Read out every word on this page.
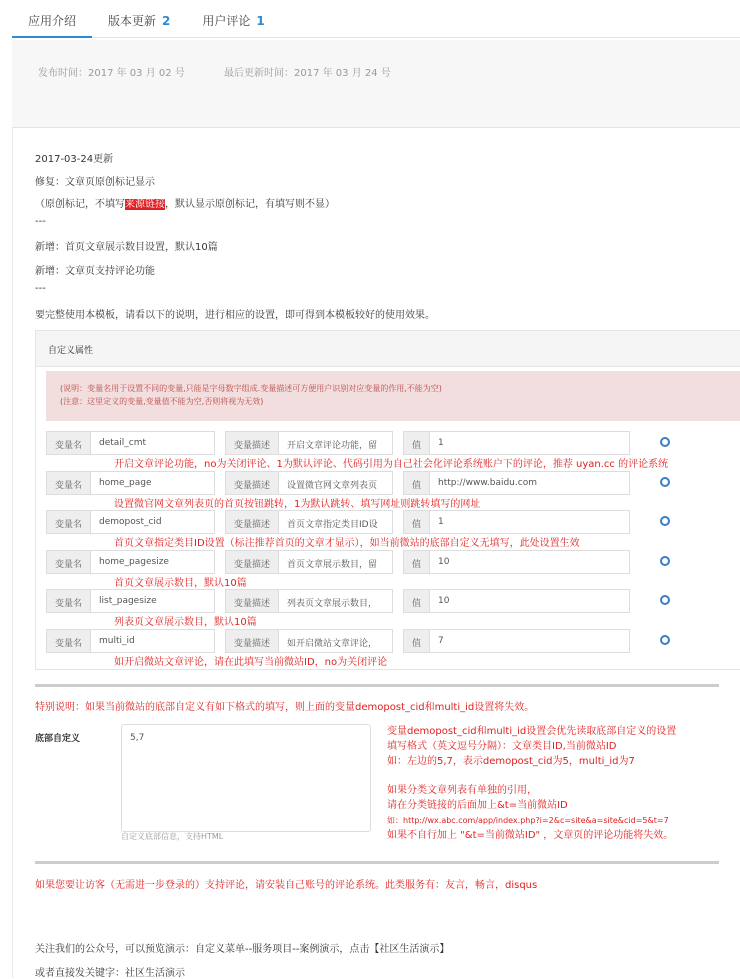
应用介绍	版本更新 2	用户评论 1
发布时间：2017 年 03 月 02 号	最后更新时间：2017 年 03 月 24 号
2017-03-24更新
修复：文章页原创标记显示
（原创标记，不填写来源链接，默认显示原创标记，有填写则不显）
---
新增：首页文章展示数目设置，默认10篇
新增：文章页支持评论功能
---
要完整使用本模板，请看以下的说明，进行相应的设置，即可得到本模板较好的使用效果。
自定义属性
(说明：变量名用于设置不同的变量,只能是字母数字组成.变量描述可方便用户识别对应变量的作用,不能为空)
(注意：这里定义的变量,变量值不能为空,否则将视为无效)
变量名	detail_cmt	变量描述	开启文章评论功能，留	值	1
开启文章评论功能，no为关闭评论、1为默认评论、代码引用为自己社会化评论系统账户下的评论，推荐 uyan.cc 的评论系统
变量名	home_page	变量描述	设置微官网文章列表页	值	http://www.baidu.com
设置微官网文章列表页的首页按钮跳转，1为默认跳转、填写网址则跳转填写的网址
变量名	demopost_cid	变量描述	首页文章指定类目ID设	值	1
首页文章指定类目ID设置（标注推荐首页的文章才显示），如当前微站的底部自定义无填写，此处设置生效
变量名	home_pagesize	变量描述	首页文章展示数目，留	值	10
首页文章展示数目，默认10篇
变量名	list_pagesize	变量描述	列表页文章展示数目，	值	10
列表页文章展示数目，默认10篇
变量名	multi_id	变量描述	如开启微站文章评论，	值	7
如开启微站文章评论，请在此填写当前微站ID，no为关闭评论
特别说明：如果当前微站的底部自定义有如下格式的填写，则上面的变量demopost_cid和multi_id设置将失效。
底部自定义	5,7
自定义底部信息，支持HTML
变量demopost_cid和multi_id设置会优先读取底部自定义的设置
填写格式（英文逗号分隔）：文章类目ID,当前微站ID
如：左边的5,7，表示demopost_cid为5，multi_id为7
如果分类文章列表有单独的引用，
请在分类链接的后面加上&t=当前微站ID
如：http://wx.abc.com/app/index.php?i=2&c=site&a=site&cid=5&t=7
如果不自行加上 "&t=当前微站ID" ，文章页的评论功能将失效。
如果您要让访客（无需进一步登录的）支持评论，请安装自己账号的评论系统。此类服务有：友言，畅言，disqus
关注我们的公众号，可以预览演示：自定义菜单--服务项目--案例演示，点击【社区生活演示】
或者直接发关键字：社区生活演示
